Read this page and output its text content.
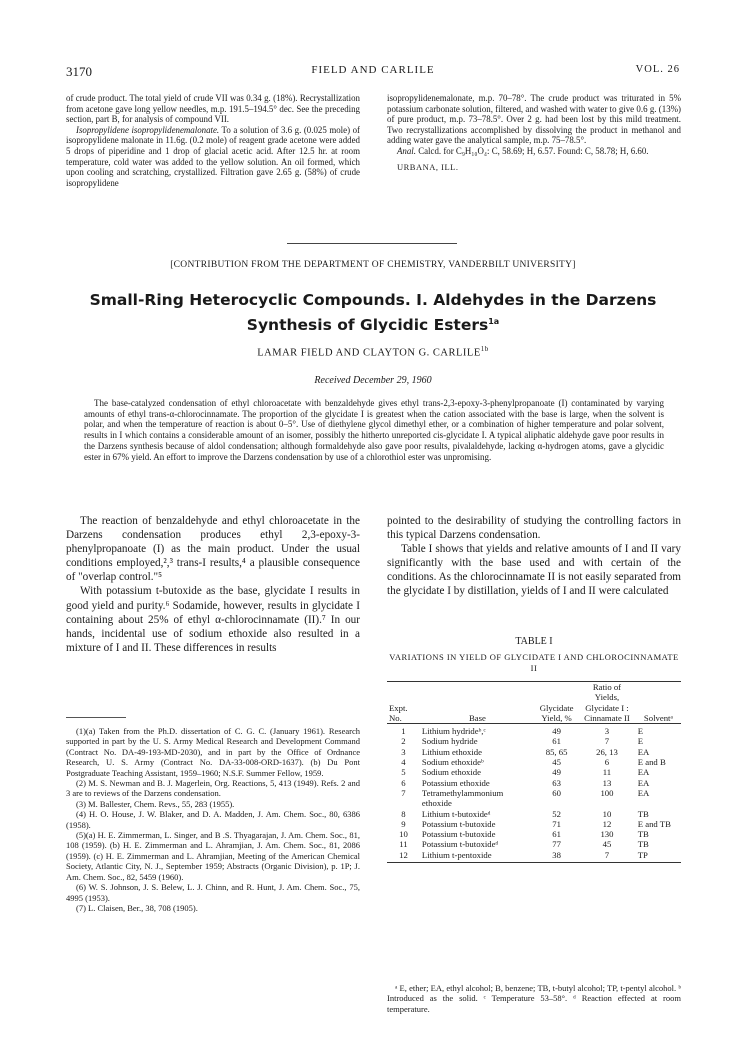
3170	FIELD AND CARLILE	VOL. 26

of crude product. The total yield of crude VII was 0.34 g. (18%). Recrystallization from acetone gave long yellow needles, m.p. 191.5–194.5° dec. See the preceding section, part B, for analysis of compound VII.

Isopropylidene isopropylidenemalonate. To a solution of 3.6 g. (0.025 mole) of isopropylidene malonate in 11.6g. (0.2 mole) of reagent grade acetone were added 5 drops of piperidine and 1 drop of glacial acetic acid. After 12.5 hr. at room temperature, cold water was added to the yellow solution. An oil formed, which upon cooling and scratching, crystallized. Filtration gave 2.65 g. (58%) of crude isopropylidene

isopropylidenemalonate, m.p. 70–78°. The crude product was triturated in 5% potassium carbonate solution, filtered, and washed with water to give 0.6 g. (13%) of pure product, m.p. 73–78.5°. Over 2 g. had been lost by this mild treatment. Two recrystallizations accomplished by dissolving the product in methanol and adding water gave the analytical sample, m.p. 75–78.5°.

Anal. Calcd. for C₉H₁₀O₄: C, 58.69; H, 6.57. Found: C, 58.78; H, 6.60.

URBANA, ILL.

[CONTRIBUTION FROM THE DEPARTMENT OF CHEMISTRY, VANDERBILT UNIVERSITY]
Small-Ring Heterocyclic Compounds. I. Aldehydes in the Darzens
Synthesis of Glycidic Esters$^{1a}$
LAMAR FIELD AND CLAYTON G. $CARLILE^{1b}$
Received December 29, 1960

The base-catalyzed condensation of ethyl chloroacetate with benzaldehyde gives ethyl trans-2,3-epoxy-3-phenylpropanoate (I) contaminated by varying amounts of ethyl trans-α-chlorocinnamate. The proportion of the glycidate I is greatest when the cation associated with the base is large, when the solvent is polar, and when the temperature of reaction is about 0–5°. Use of diethylene glycol dimethyl ether, or a combination of higher temperature and polar solvent, results in I which contains a considerable amount of an isomer, possibly the hitherto unreported cis-glycidate I. A typical aliphatic aldehyde gave poor results in the Darzens synthesis because of aldol condensation; although formaldehyde also gave poor results, pivalaldehyde, lacking α-hydrogen atoms, gave a glycidic ester in 67% yield. An effort to improve the Darzens condensation by use of a chlorothiol ester was unpromising.

The reaction of benzaldehyde and ethyl chloroacetate in the Darzens condensation produces ethyl 2,3-epoxy-3-phenylpropanoate (I) as the main product. Under the usual conditions employed,²,³ trans-I results,⁴ a plausible consequence of "overlap control."⁵

With potassium t-butoxide as the base, glycidate I results in good yield and purity.⁶ Sodamide, however, results in glycidate I containing about 25% of ethyl α-chlorocinnamate (II).⁷ In our hands, incidental use of sodium ethoxide also resulted in a mixture of I and II. These differences in results

pointed to the desirability of studying the controlling factors in this typical Darzens condensation.

Table I shows that yields and relative amounts of I and II vary significantly with the base used and with certain of the conditions. As the chlorocinnamate II is not easily separated from the glycidate I by distillation, yields of I and II were calculated

(1)(a) Taken from the Ph.D. dissertation of C. G. C. (January 1961). Research supported in part by the U. S. Army Medical Research and Development Command (Contract No. DA-49-193-MD-2030), and in part by the Office of Ordnance Research, U. S. Army (Contract No. DA-33-008-ORD-1637). (b) Du Pont Postgraduate Teaching Assistant, 1959–1960; N.S.F. Summer Fellow, 1959.

(2) M. S. Newman and B. J. Magerlein, Org. Reactions, 5, 413 (1949). Refs. 2 and 3 are to reviews of the Darzens condensation.

(3) M. Ballester, Chem. Revs., 55, 283 (1955).

(4) H. O. House, J. W. Blaker, and D. A. Madden, J. Am. Chem. Soc., 80, 6386 (1958).

(5)(a) H. E. Zimmerman, L. Singer, and B .S. Thyagarajan, J. Am. Chem. Soc., 81, 108 (1959). (b) H. E. Zimmerman and L. Ahramjian, J. Am. Chem. Soc., 81, 2086 (1959). (c) H. E. Zimmerman and L. Ahramjian, Meeting of the American Chemical Society, Atlantic City, N. J., September 1959; Abstracts (Organic Division), p. 1P; J. Am. Chem. Soc., 82, 5459 (1960).

(6) W. S. Johnson, J. S. Belew, L. J. Chinn, and R. Hunt, J. Am. Chem. Soc., 75, 4995 (1953).

(7) L. Claisen, Ber., 38, 708 (1905).

TABLE I
VARIATIONS IN YIELD OF GLYCIDATE I AND CHLOROCINNAMATE II
Expt. No.	Base	Glycidate Yield, %	Ratio of Yields, Glycidate I : Cinnamate II	Solventᵃ
1	Lithium hydrideᵇ,ᶜ	49	3	E
2	Sodium hydride	61	7	E
3	Lithium ethoxide	85, 65	26, 13	EA
4	Sodium ethoxideᵇ	45	6	E and B
5	Sodium ethoxide	49	11	EA
6	Potassium ethoxide	63	13	EA
7	Tetramethylammonium ethoxide	60	100	EA
8	Lithium t-butoxideᵈ	52	10	TB
9	Potassium t-butoxide	71	12	E and TB
10	Potassium t-butoxide	61	130	TB
11	Potassium t-butoxideᵈ	77	45	TB
12	Lithium t-pentoxide	38	7	TP

ᵃ E, ether; EA, ethyl alcohol; B, benzene; TB, t-butyl alcohol; TP, t-pentyl alcohol. ᵇ Introduced as the solid. ᶜ Temperature 53–58°. ᵈ Reaction effected at room temperature.
